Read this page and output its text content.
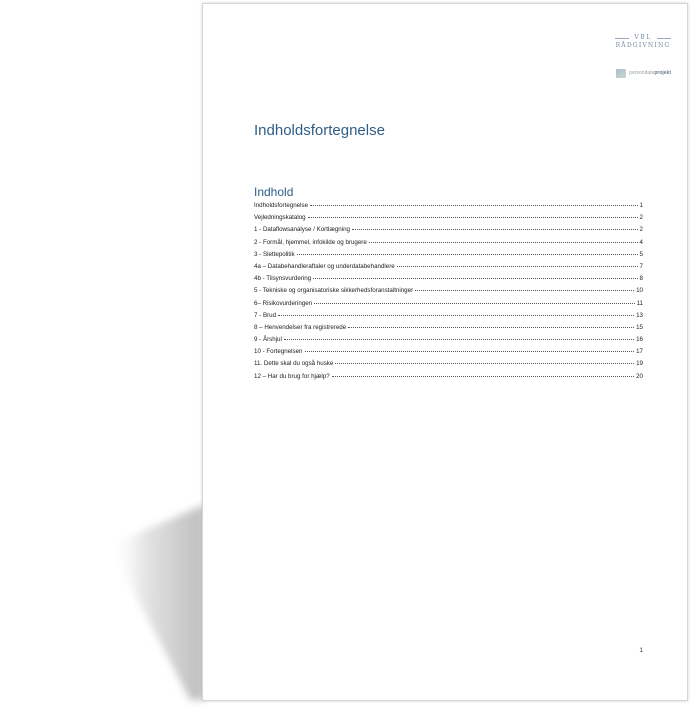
VBL
RÅDGIVNING
persondataprojekt
Indholdsfortegnelse
Indhold
Indholdsfortegnelse	1
Vejledningskatalog	2
1 - Dataflowsanalyse / Kortlægning	2
2 - Formål, hjemmel, infokilde og brugere	4
3 - Slettepolitik	5
4a – Databehandleraftaler og underdatabehandlere	7
4b - Tilsynsvurdering	8
5 - Tekniske og organisatoriske sikkerhedsforanstaltninger	10
6– Risikovurderingen	11
7 - Brud	13
8 – Henvendelser fra registrerede	15
9 - Årshjul	16
10 - Fortegnelsen	17
11. Dette skal du også huske	19
12 – Har du brug for hjælp?	20
1
